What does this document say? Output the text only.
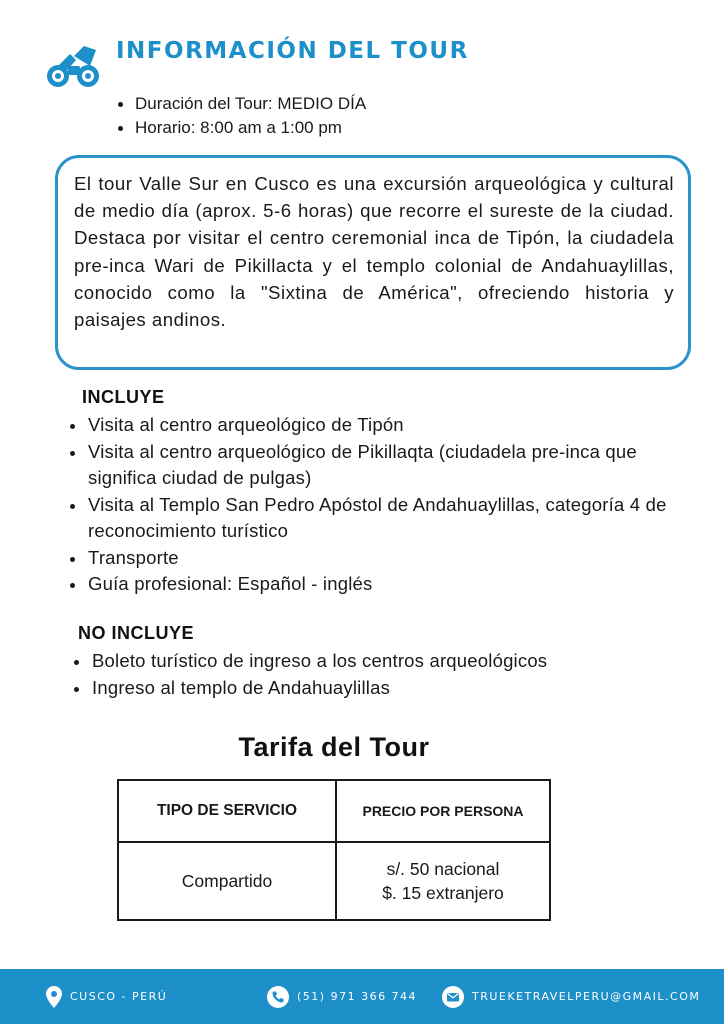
INFORMACIÓN DEL TOUR
Duración del Tour: MEDIO DÍA
Horario: 8:00 am a 1:00 pm

El tour Valle Sur en Cusco es una excursión arqueológica y cultural de medio día (aprox. 5-6 horas) que recorre el sureste de la ciudad. Destaca por visitar el centro ceremonial inca de Tipón, la ciudadela pre-inca Wari de Pikillacta y el templo colonial de Andahuaylillas, conocido como la "Sixtina de América", ofreciendo historia y paisajes andinos.

INCLUYE
Visita al centro arqueológico de Tipón
Visita al centro arqueológico de Pikillaqta (ciudadela pre-inca que significa ciudad de pulgas)
Visita al Templo San Pedro Apóstol de Andahuaylillas, categoría 4 de reconocimiento turístico
Transporte
Guía profesional: Español - inglés
NO INCLUYE
Boleto turístico de ingreso a los centros arqueológicos
Ingreso al templo de Andahuaylillas
Tarifa del Tour
TIPO DE SERVICIO	PRECIO POR PERSONA
Compartido	s/. 50 nacional
$. 15 extranjero
CUSCO - PERÚ	(51) 971 366 744	TRUEKETRAVELPERU@GMAIL.COM
